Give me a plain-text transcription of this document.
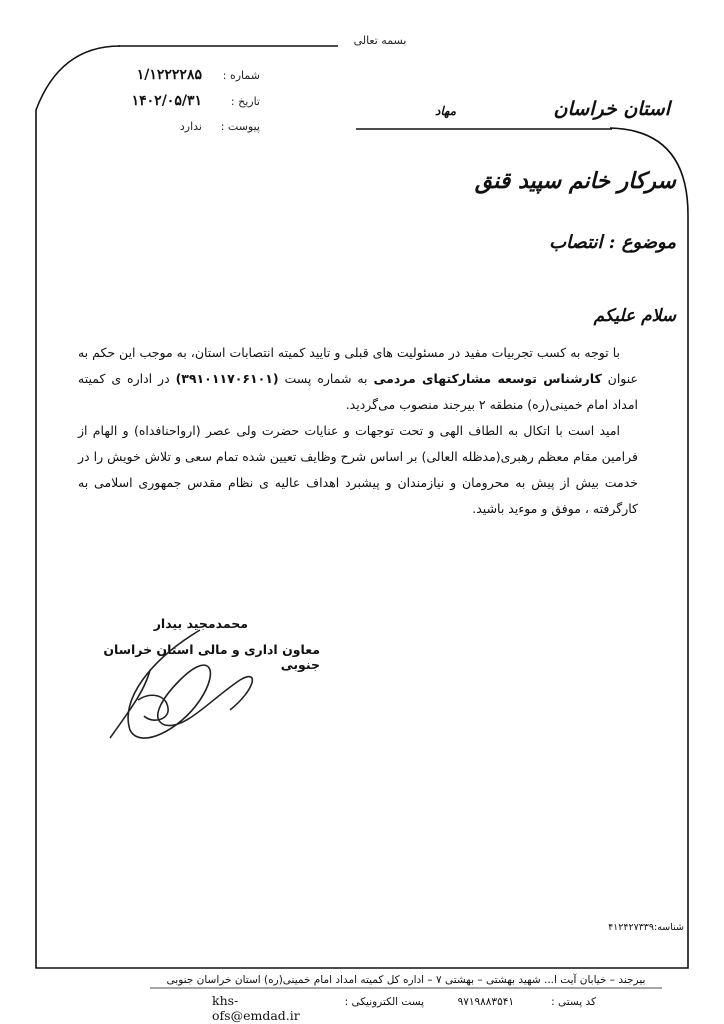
بسمه تعالی
شماره :
۱/۱۲۲۲۲۸۵
تاریخ :
۱۴۰۲/۰۵/۳۱
پیوست :
ندارد
استان خراسان
مهاد
سرکار خانم سپید قنق
موضوع : انتصاب
سلام علیکم

با توجه به کسب تجربیات مفید در مسئولیت های قبلی و تایید کمیته انتصابات استان، به موجب این حکم به عنوان کارشناس توسعه مشارکتهای مردمی به شماره پست (۳۹۱۰۱۱۷۰۶۱۰۱) در اداره ی کمیته امداد امام خمینی(ره) منطقه ۲ بیرجند منصوب می‌گردید.

امید است با اتکال به الطاف الهی و تحت توجهات و عنایات حضرت ولی عصر (ارواحنافداه) و الهام از فرامین مقام معظم رهبری(مدظله العالی) بر اساس شرح وظایف تعیین شده تمام سعی و تلاش خویش را در خدمت بیش از پیش به محرومان و نیازمندان و پیشبرد اهداف عالیه ی نظام مقدس جمهوری اسلامی به کارگرفته ، موفق و موءید باشید.

محمدمجید بیدار
معاون اداری و مالی استان خراسان جنوبی
شناسه:۴۱۲۴۲۷۳۳۹
بیرجند – خیابان آیت ا... شهید بهشتی – بهشتی ۷ – اداره کل کمیته امداد امام خمینی(ره) استان خراسان جنوبی
کد پستی :
۹۷۱۹۸۸۳۵۴۱
پست الکترونیکی :
khs-ofs@emdad.ir
